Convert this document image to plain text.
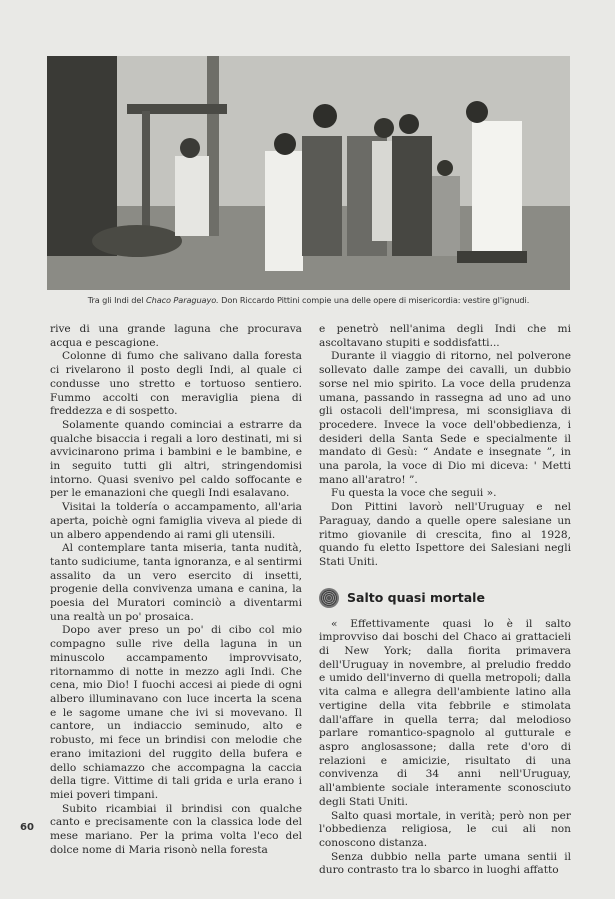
Tra gli Indi del Chaco Paraguayo. Don Riccardo Pittini compie una delle opere di misericordia: vestire gl'ignudi.

rive di una grande laguna che procurava acqua e pescagione.

Colonne di fumo che salivano dalla foresta ci rivelarono il posto degli Indi, al quale ci condusse uno stretto e tortuoso sentiero. Fummo accolti con meraviglia piena di freddezza e di sospetto.

Solamente quando cominciai a estrarre da qualche bisaccia i regali a loro destinati, mi si avvicinarono prima i bambini e le bambine, e in seguito tutti gli altri, stringendomisi intorno. Quasi svenivo pel caldo soffocante e per le emanazioni che quegli Indi esalavano.

Visitai la toldería o accampamento, all'aria aperta, poichè ogni famiglia viveva al piede di un albero appendendo ai rami gli utensili.

Al contemplare tanta miseria, tanta nudità, tanto sudiciume, tanta ignoranza, e al sentirmi assalito da un vero esercito di insetti, progenie della convivenza umana e canina, la poesia del Muratori cominciò a diventarmi una realtà un po' prosaica.

Dopo aver preso un po' di cibo col mio compagno sulle rive della laguna in un minuscolo accampamento improvvisato, ritornammo di notte in mezzo agli Indi. Che cena, mio Dio! I fuochi accesi ai piede di ogni albero illuminavano con luce incerta la scena e le sagome umane che ivi si movevano. Il cantore, un indiaccio seminudo, alto e robusto, mi fece un brindisi con melodie che erano imitazioni del ruggito della bufera e dello schiamazzo che accompagna la caccia della tigre. Vittime di tali grida e urla erano i miei poveri timpani.

Subito ricambiai il brindisi con qualche canto e precisamente con la classica lode del mese mariano. Per la prima volta l'eco del dolce nome di Maria risonò nella foresta

e penetrò nell'anima degli Indi che mi ascoltavano stupiti e soddisfatti...

Durante il viaggio di ritorno, nel polverone sollevato dalle zampe dei cavalli, un dubbio sorse nel mio spirito. La voce della prudenza umana, passando in rassegna ad uno ad uno gli ostacoli dell'impresa, mi sconsigliava di procedere. Invece la voce dell'obbedienza, i desideri della Santa Sede e specialmente il mandato di Gesù: “ Andate e insegnate ”, in una parola, la voce di Dio mi diceva: ' Metti mano all'aratro! ”.

Fu questa la voce che seguii ».

Don Pittini lavorò nell'Uruguay e nel Paraguay, dando a quelle opere salesiane un ritmo giovanile di crescita, fino al 1928, quando fu eletto Ispettore dei Salesiani negli Stati Uniti.

Salto quasi mortale

« Effettivamente quasi lo è il salto improvviso dai boschi del Chaco ai grattacieli di New York; dalla fiorita primavera dell'Uruguay in novembre, al preludio freddo e umido dell'inverno di quella metropoli; dalla vita calma e allegra dell'ambiente latino alla vertigine della vita febbrile e stimolata dall'affare in quella terra; dal melodioso parlare romantico-spagnolo al gutturale e aspro anglosassone; dalla rete d'oro di relazioni e amicizie, risultato di una convivenza di 34 anni nell'Uruguay, all'ambiente sociale interamente sconosciuto degli Stati Uniti.

Salto quasi mortale, in verità; però non per l'obbedienza religiosa, le cui ali non conoscono distanza.

Senza dubbio nella parte umana sentii il duro contrasto tra lo sbarco in luoghi affatto

60
